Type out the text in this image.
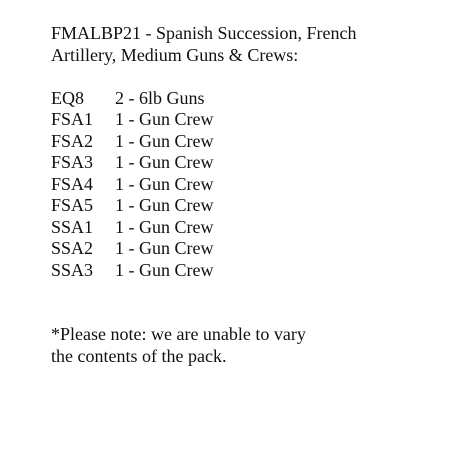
FMALBP21 - Spanish Succession, French
Artillery, Medium Guns & Crews:
EQ8	2 - 6lb Guns
FSA1	1 - Gun Crew
FSA2	1 - Gun Crew
FSA3	1 - Gun Crew
FSA4	1 - Gun Crew
FSA5	1 - Gun Crew
SSA1	1 - Gun Crew
SSA2	1 - Gun Crew
SSA3	1 - Gun Crew
*Please note: we are unable to vary
the contents of the pack.
